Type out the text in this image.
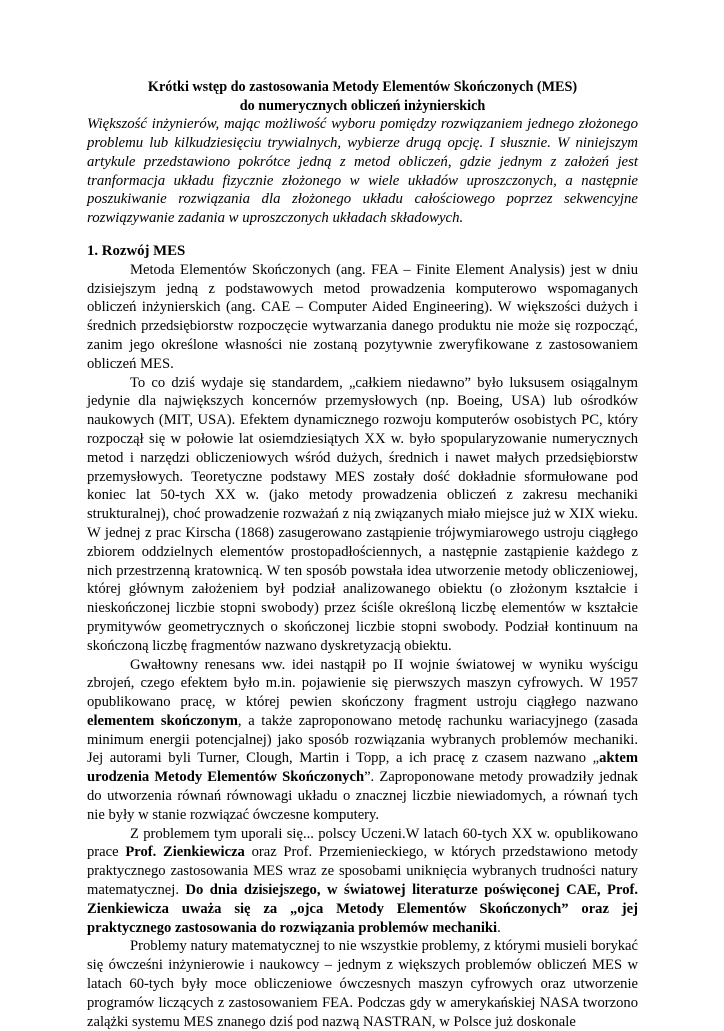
Krótki wstęp do zastosowania Metody Elementów Skończonych (MES)
do numerycznych obliczeń inżynierskich

Większość inżynierów, mając możliwość wyboru pomiędzy rozwiązaniem jednego złożonego problemu lub kilkudziesięciu trywialnych, wybierze drugą opcję. I słusznie. W niniejszym artykule przedstawiono pokrótce jedną z metod obliczeń, gdzie jednym z założeń jest tranformacja układu fizycznie złożonego w wiele układów uproszczonych, a następnie poszukiwanie rozwiązania dla złożonego układu całościowego poprzez sekwencyjne rozwiązywanie zadania w uproszczonych układach składowych.

1. Rozwój MES

Metoda Elementów Skończonych (ang. FEA – Finite Element Analysis) jest w dniu dzisiejszym jedną z podstawowych metod prowadzenia komputerowo wspomaganych obliczeń inżynierskich (ang. CAE – Computer Aided Engineering). W większości dużych i średnich przedsiębiorstw rozpoczęcie wytwarzania danego produktu nie może się rozpocząć, zanim jego określone własności nie zostaną pozytywnie zweryfikowane z zastosowaniem obliczeń MES.

To co dziś wydaje się standardem, „całkiem niedawno” było luksusem osiągalnym jedynie dla największych koncernów przemysłowych (np. Boeing, USA) lub ośrodków naukowych (MIT, USA). Efektem dynamicznego rozwoju komputerów osobistych PC, który rozpoczął się w połowie lat osiemdziesiątych XX w. było spopularyzowanie numerycznych metod i narzędzi obliczeniowych wśród dużych, średnich i nawet małych przedsiębiorstw przemysłowych. Teoretyczne podstawy MES zostały dość dokładnie sformułowane pod koniec lat 50-tych XX w. (jako metody prowadzenia obliczeń z zakresu mechaniki strukturalnej), choć prowadzenie rozważań z nią związanych miało miejsce już w XIX wieku. W jednej z prac Kirscha (1868) zasugerowano zastąpienie trójwymiarowego ustroju ciągłego zbiorem oddzielnych elementów prostopadłościennych, a następnie zastąpienie każdego z nich przestrzenną kratownicą. W ten sposób powstała idea utworzenie metody obliczeniowej, której głównym założeniem był podział analizowanego obiektu (o złożonym kształcie i nieskończonej liczbie stopni swobody) przez ściśle określoną liczbę elementów w kształcie prymitywów geometrycznych o skończonej liczbie stopni swobody. Podział kontinuum na skończoną liczbę fragmentów nazwano dyskretyzacją obiektu.

Gwałtowny renesans ww. idei nastąpił po II wojnie światowej w wyniku wyścigu zbrojeń, czego efektem było m.in. pojawienie się pierwszych maszyn cyfrowych. W 1957 opublikowano pracę, w której pewien skończony fragment ustroju ciągłego nazwano elementem skończonym, a także zaproponowano metodę rachunku wariacyjnego (zasada minimum energii potencjalnej) jako sposób rozwiązania wybranych problemów mechaniki. Jej autorami byli Turner, Clough, Martin i Topp, a ich pracę z czasem nazwano „aktem urodzenia Metody Elementów Skończonych”. Zaproponowane metody prowadziły jednak do utworzenia równań równowagi układu o znacznej liczbie niewiadomych, a równań tych nie były w stanie rozwiązać ówczesne komputery.

Z problemem tym uporali się... polscy Uczeni.W latach 60-tych XX w. opublikowano prace Prof. Zienkiewicza oraz Prof. Przemienieckiego, w których przedstawiono metody praktycznego zastosowania MES wraz ze sposobami uniknięcia wybranych trudności natury matematycznej. Do dnia dzisiejszego, w światowej literaturze poświęconej CAE, Prof. Zienkiewicza uważa się za „ojca Metody Elementów Skończonych” oraz jej praktycznego zastosowania do rozwiązania problemów mechaniki.

Problemy natury matematycznej to nie wszystkie problemy, z którymi musieli borykać się ówcześni inżynierowie i naukowcy – jednym z większych problemów obliczeń MES w latach 60-tych były moce obliczeniowe ówczesnych maszyn cyfrowych oraz utworzenie programów liczących z zastosowaniem FEA. Podczas gdy w amerykańskiej NASA tworzono zalążki systemu MES znanego dziś pod nazwą NASTRAN, w Polsce już doskonale
